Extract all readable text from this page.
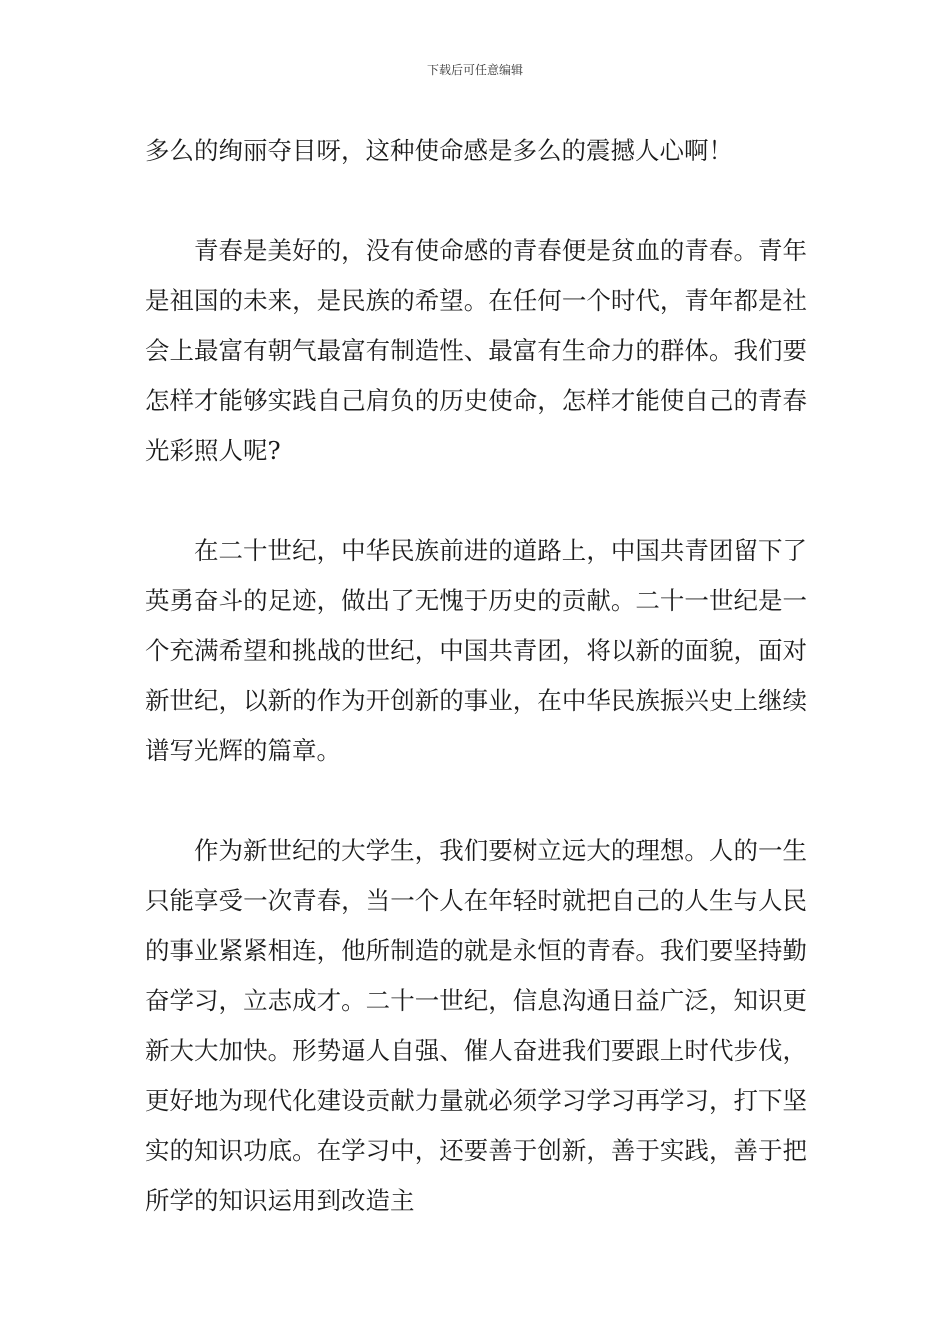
下载后可任意编辑

多么的绚丽夺目呀，这种使命感是多么的震撼人心啊！

青春是美好的，没有使命感的青春便是贫血的青春。青年是祖国的未来，是民族的希望。在任何一个时代，青年都是社会上最富有朝气最富有制造性、最富有生命力的群体。我们要怎样才能够实践自己肩负的历史使命，怎样才能使自己的青春光彩照人呢?

在二十世纪，中华民族前进的道路上，中国共青团留下了英勇奋斗的足迹，做出了无愧于历史的贡献。二十一世纪是一个充满希望和挑战的世纪，中国共青团，将以新的面貌，面对新世纪，以新的作为开创新的事业，在中华民族振兴史上继续谱写光辉的篇章。

作为新世纪的大学生，我们要树立远大的理想。人的一生只能享受一次青春，当一个人在年轻时就把自己的人生与人民的事业紧紧相连，他所制造的就是永恒的青春。我们要坚持勤奋学习，立志成才。二十一世纪，信息沟通日益广泛，知识更新大大加快。形势逼人自强、催人奋进我们要跟上时代步伐，更好地为现代化建设贡献力量就必须学习学习再学习，打下坚实的知识功底。在学习中，还要善于创新，善于实践，善于把所学的知识运用到改造主
